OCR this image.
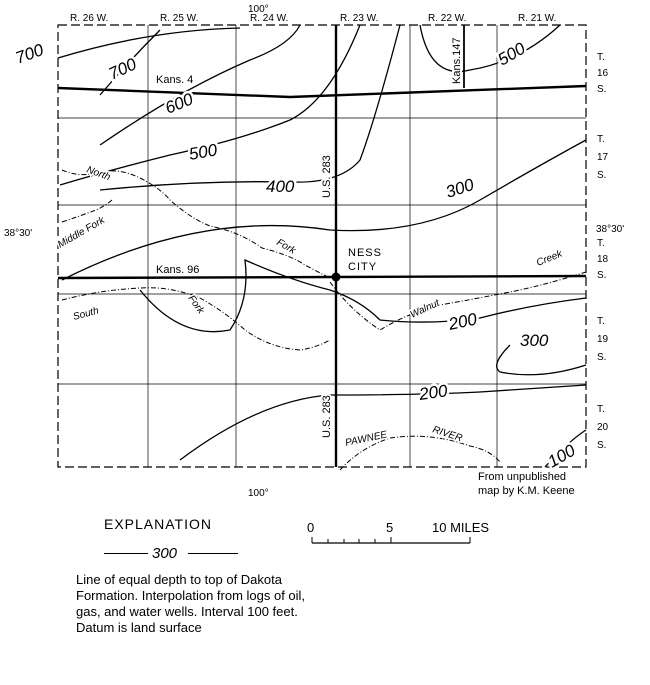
R. 26 W.	R. 25 W.	R. 24 W.	R. 23 W.	R. 22 W.	R. 21 W.
100°
100°
38°30'	38°30'
T.
16
S.
T.
17
S.
T.
18
S.
T.
19
S.
T.
20
S.
700
700
600
500
400	300
200
300
200
500
100
Kans. 4
Kans. 96
Kans.147
U.S. 283
U.S. 283
NESS
CITY
North
Middle Fork
South
Fork
Fork	Walnut
Creek
PAWNEE	RIVER
0	5	10 MILES
From unpublished
map by K.M. Keene
EXPLANATION
300
Line of equal depth to top of Dakota Formation. Interpolation from logs of oil, gas, and water wells. Interval 100 feet. Datum is land surface
